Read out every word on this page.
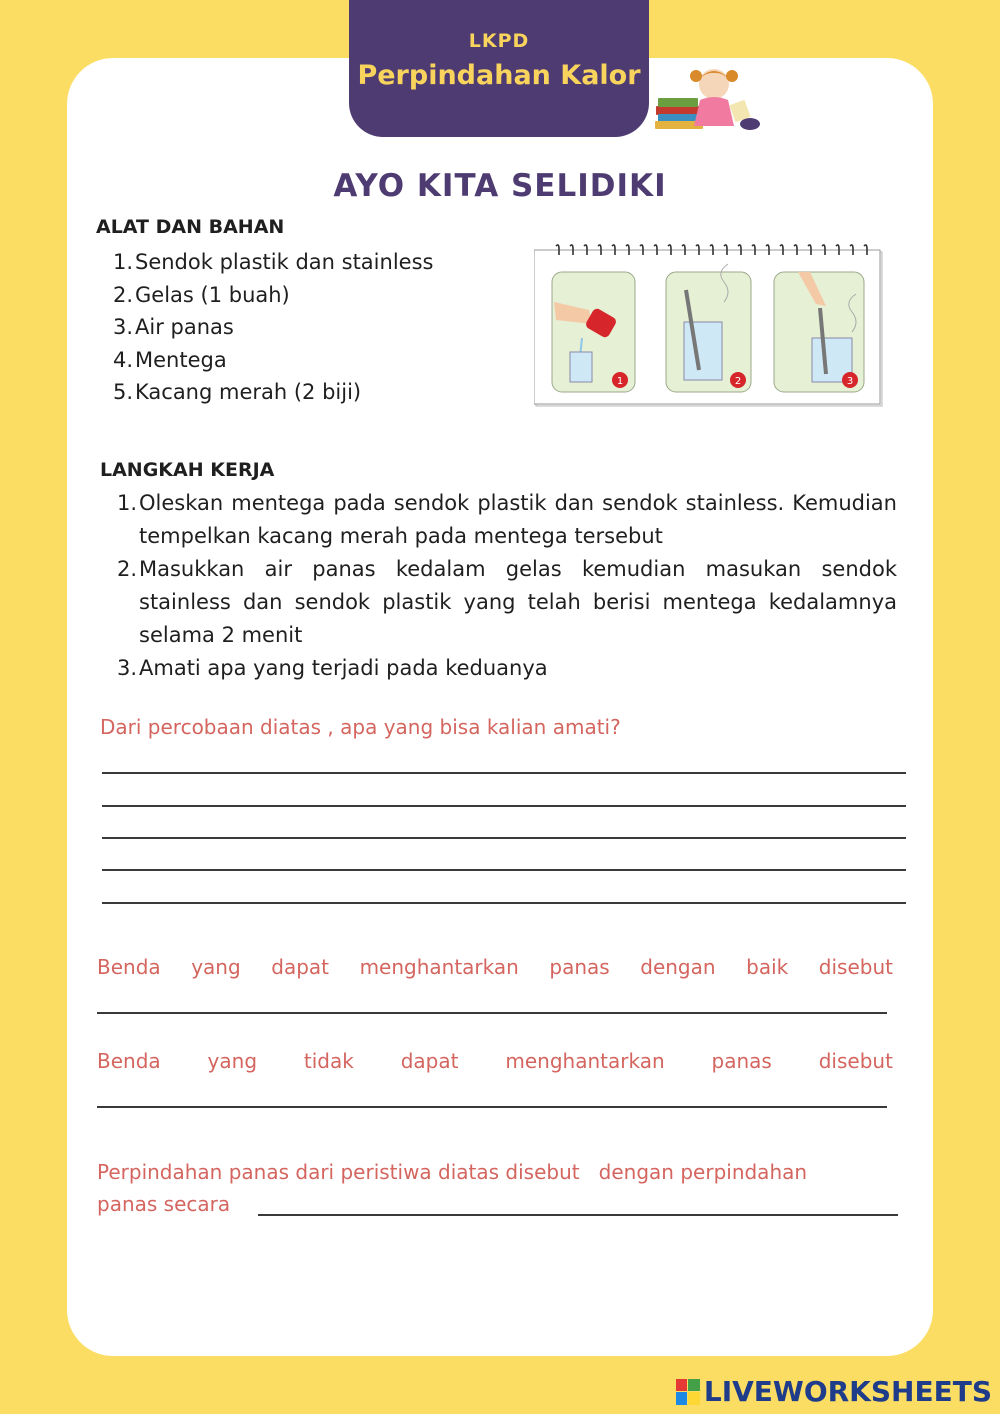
LKPD
Perpindahan Kalor
AYO KITA SELIDIKI
ALAT DAN BAHAN
1. Sendok plastik dan stainless
2. Gelas (1 buah)
3. Air panas
4. Mentega
5. Kacang merah (2 biji)	1	2	3
LANGKAH KERJA
1. Oleskan mentega pada sendok plastik dan sendok stainless. Kemudian tempelkan kacang merah pada mentega tersebut
2. Masukkan air panas kedalam gelas kemudian masukan sendok stainless dan sendok plastik yang telah berisi mentega kedalamnya selama 2 menit
3. Amati apa yang terjadi pada keduanya
Dari percobaan diatas , apa yang bisa kalian amati?
Benda yang dapat menghantarkan panas dengan baik disebut
Benda yang tidak dapat menghantarkan panas disebut
Perpindahan panas dari peristiwa diatas disebut   dengan perpindahan
panas secara
LIVEWORKSHEETS
